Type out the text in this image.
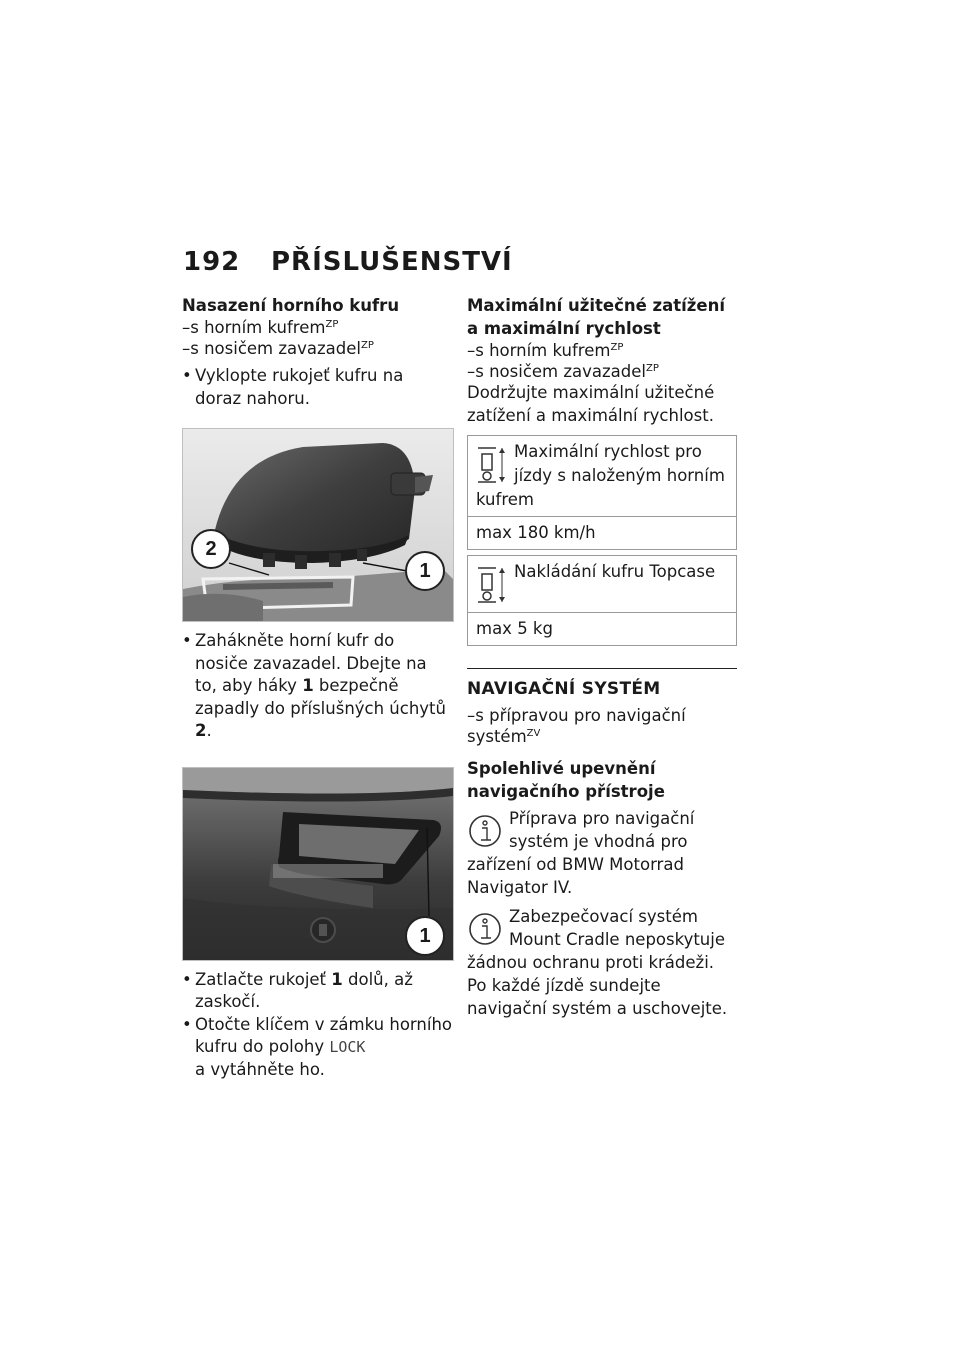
192 PŘÍSLUŠENSTVÍ

Nasazení horního kufru

–s horním kufrem$^{ZP}$
–s nosičem zavazadel$^{ZP}$
• Vyklopte rukojeť kufru na doraz nahoru.
2
1
• Zahákněte horní kufr do nosiče zavazadel. Dbejte na to, aby háky 1 bezpečně zapadly do příslušných úchytů 2.
1
• Zatlačte rukojeť 1 dolů, až zaskočí.
• Otočte klíčem v zámku horního kufru do polohy LOCK
a vytáhněte ho.

Maximální užitečné zatížení a maximální rychlost

–s horním kufrem$^{ZP}$
–s nosičem zavazadel$^{ZP}$

Dodržujte maximální užitečné zatížení a maximální rychlost.

Maximální rychlost pro jízdy s naloženým horním kufrem
max 180 km/h
Nakládání kufru Topcase
max 5 kg
NAVIGAČNÍ SYSTÉM
–s přípravou pro navigační systém$^{ZV}$

Spolehlivé upevnění navigačního přístroje

Příprava pro navigační systém je vhodná pro zařízení od BMW Motorrad Navigator IV.

Zabezpečovací systém Mount Cradle neposkytuje žádnou ochranu proti krádeži. Po každé jízdě sundejte navigační systém a uschovejte.
